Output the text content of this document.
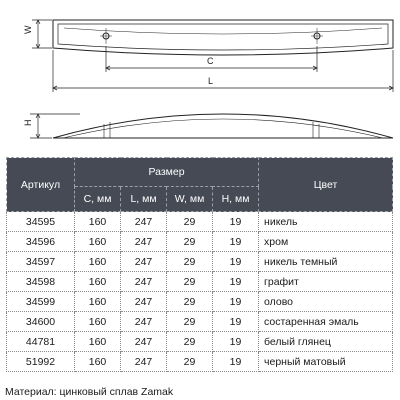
W
C
L
H
Артикул	Размер				Цвет
	C, мм	L, мм	W, мм	H, мм	
34595	160	247	29	19	никель
34596	160	247	29	19	хром
34597	160	247	29	19	никель темный
34598	160	247	29	19	графит
34599	160	247	29	19	олово
34600	160	247	29	19	состаренная эмаль
44781	160	247	29	19	белый глянец
51992	160	247	29	19	черный матовый
Материал: цинковый сплав Zamak
